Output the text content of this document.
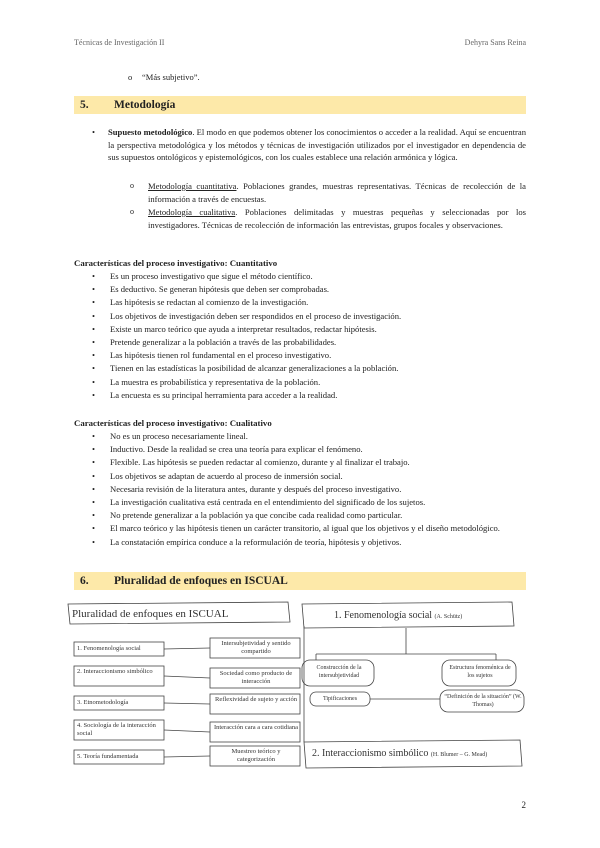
Técnicas de Investigación II	Dehyra Sans Reina
o “Más subjetivo”.
5. Metodología
• Supuesto metodológico. El modo en que podemos obtener los conocimientos o acceder a la realidad. Aquí se encuentran la perspectiva metodológica y los métodos y técnicas de investigación utilizados por el investigador en dependencia de sus supuestos ontológicos y epistemológicos, con los cuales establece una relación armónica y lógica.
o Metodología cuantitativa. Poblaciones grandes, muestras representativas. Técnicas de recolección de la información a través de encuestas.
o Metodología cualitativa. Poblaciones delimitadas y muestras pequeñas y seleccionadas por los investigadores. Técnicas de recolección de información las entrevistas, grupos focales y observaciones.
Características del proceso investigativo: Cuantitativo
• Es un proceso investigativo que sigue el método científico.
• Es deductivo. Se generan hipótesis que deben ser comprobadas.
• Las hipótesis se redactan al comienzo de la investigación.
• Los objetivos de investigación deben ser respondidos en el proceso de investigación.
• Existe un marco teórico que ayuda a interpretar resultados, redactar hipótesis.
• Pretende generalizar a la población a través de las probabilidades.
• Las hipótesis tienen rol fundamental en el proceso investigativo.
• Tienen en las estadísticas la posibilidad de alcanzar generalizaciones a la población.
• La muestra es probabilística y representativa de la población.
• La encuesta es su principal herramienta para acceder a la realidad.
Características del proceso investigativo: Cualitativo
• No es un proceso necesariamente lineal.
• Inductivo. Desde la realidad se crea una teoría para explicar el fenómeno.
• Flexible. Las hipótesis se pueden redactar al comienzo, durante y al finalizar el trabajo.
• Los objetivos se adaptan de acuerdo al proceso de inmersión social.
• Necesaria revisión de la literatura antes, durante y después del proceso investigativo.
• La investigación cualitativa está centrada en el entendimiento del significado de los sujetos.
• No pretende generalizar a la población ya que concibe cada realidad como particular.
• El marco teórico y las hipótesis tienen un carácter transitorio, al igual que los objetivos y el diseño metodológico.
• La constatación empírica conduce a la reformulación de teoría, hipótesis y objetivos.
6. Pluralidad de enfoques en ISCUAL
Pluralidad de enfoques en ISCUAL	1. Fenomenología social (A. Schütz)
1. Fenomenología social
2. Interaccionismo simbólico
3. Etnometodología
4. Sociología de la interacción social
5. Teoría fundamentada
Intersubjetividad y sentido compartido
Sociedad como producto de interacción
Reflexividad de sujeto y acción
Interacción cara a cara cotidiana
Muestreo teórico y categorización
Construcción de la intersubjetividad
Estructura fenoménica de los sujetos
Tipificaciones	“Definición de la situación” (W. Thomas)
2. Interaccionismo simbólico (H. Blumer – G. Mead)
2
